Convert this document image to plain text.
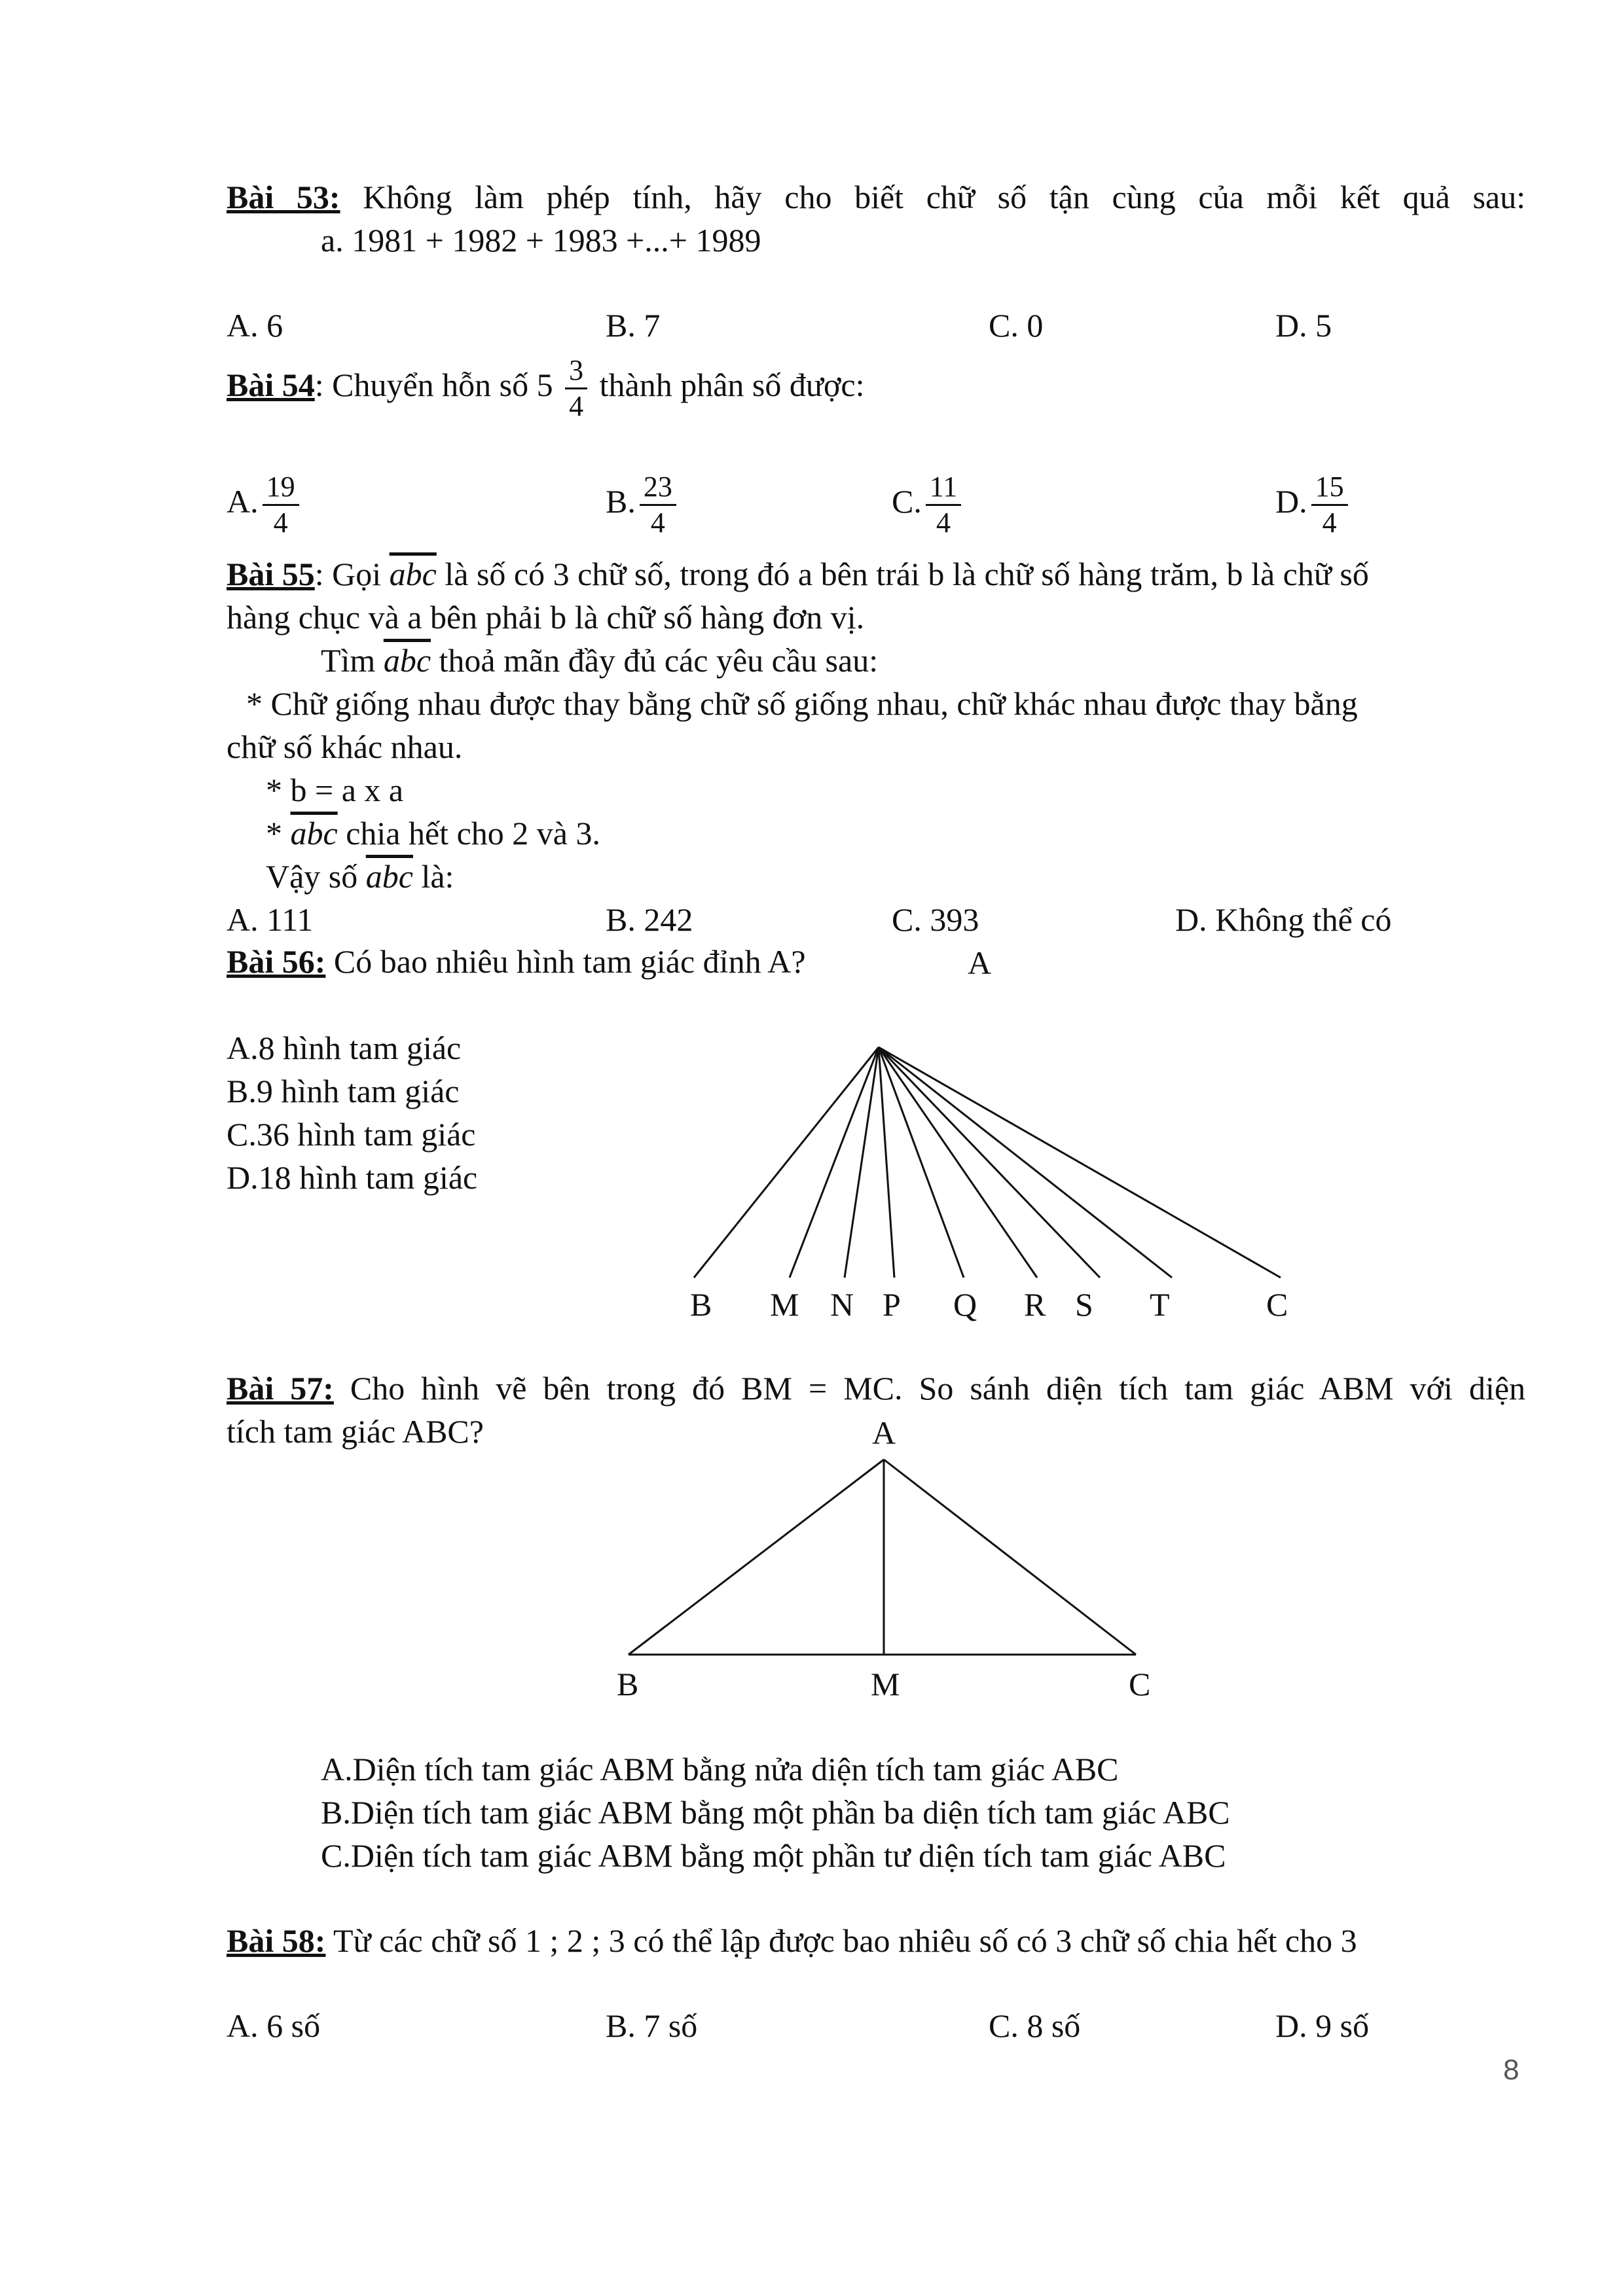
Bài 53: Không làm phép tính, hãy cho biết chữ số tận cùng của mỗi kết quả sau:
a. 1981 + 1982 + 1983 +...+ 1989
A. 6	B. 7	C. 0	D. 5
Bài 54: Chuyển hỗn số $5 \frac{3}{4}$ thành phân số được:
A. $\frac{19}{4}$	B. $\frac{23}{4}$	C. $\frac{11}{4}$	D. $\frac{15}{4}$
Bài 55: Gọi $\overline{abc}$ là số có 3 chữ số, trong đó a bên trái b là chữ số hàng trăm, b là chữ số
hàng chục và a bên phải b là chữ số hàng đơn vị.
Tìm $\overline{abc}$ thoả mãn đầy đủ các yêu cầu sau:
* Chữ giống nhau được thay bằng chữ số giống nhau, chữ khác nhau được thay bằng
chữ số khác nhau.
* b = a x a
* $\overline{abc}$ chia hết cho 2 và 3.
Vậy số $\overline{abc}$ là:
A. 111	B. 242	C. 393	D. Không thể có
Bài 56: Có bao nhiêu hình tam giác đỉnh A?
A.8 hình tam giác
B.9 hình tam giác
C.36 hình tam giác
D.18 hình tam giác
A
B M N P Q R S T	C
Bài 57: Cho hình vẽ bên trong đó BM = MC. So sánh diện tích tam giác ABM với diện
tích tam giác ABC?	A
B	M	C
A.Diện tích tam giác ABM bằng nửa diện tích tam giác ABC
B.Diện tích tam giác ABM bằng một phần ba diện tích tam giác ABC
C.Diện tích tam giác ABM bằng một phần tư diện tích tam giác ABC
Bài 58: Từ các chữ số 1 ; 2 ; 3 có thể lập được bao nhiêu số có 3 chữ số chia hết cho 3
A. 6 số	B. 7 số	C. 8 số	D. 9 số
8
